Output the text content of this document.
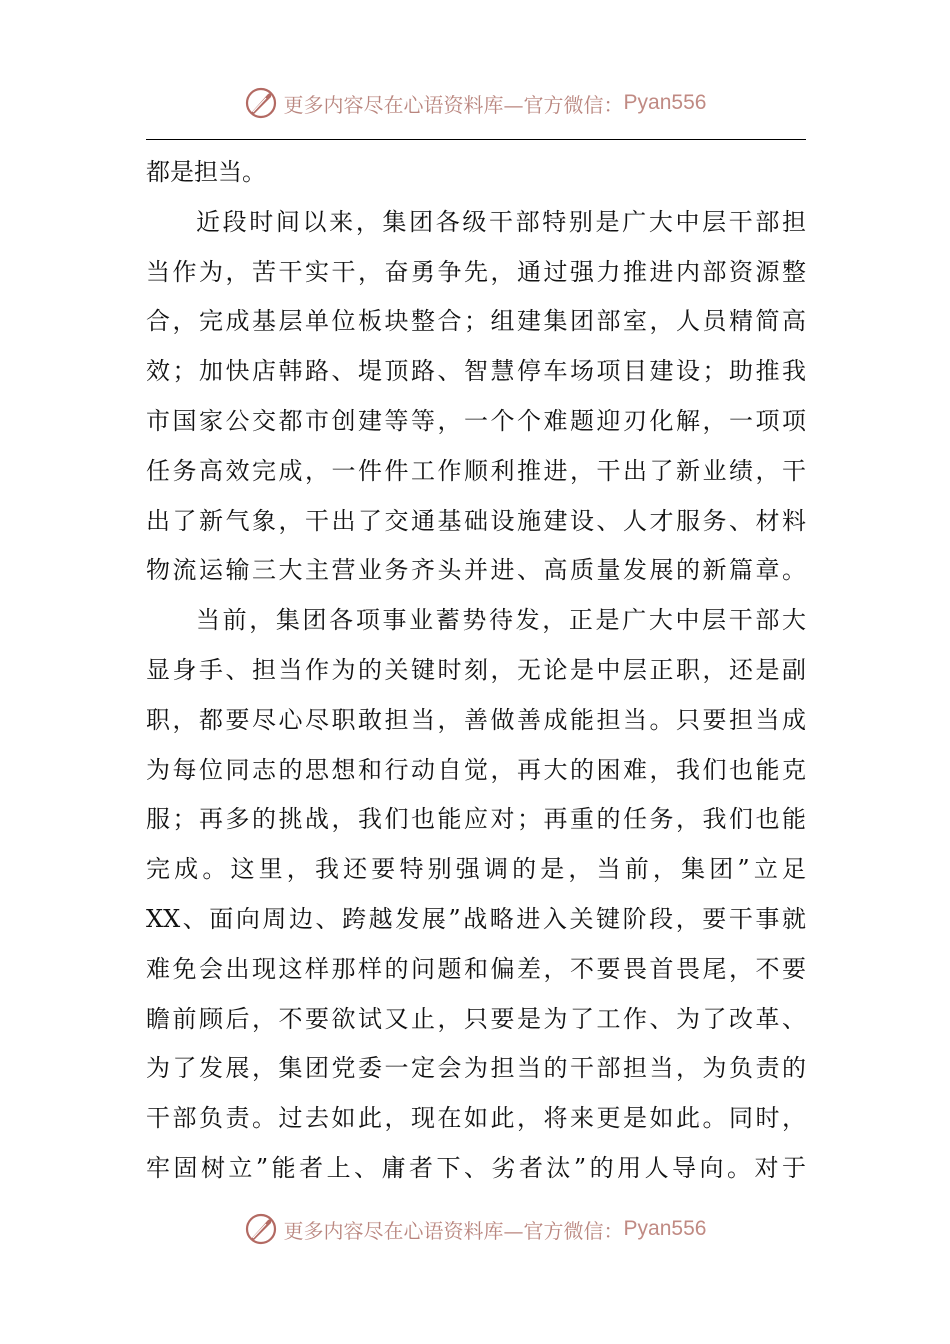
更多内容尽在心语资料库—官方微信： Pyan556
都是担当。
近段时间以来，集团各级干部特别是广大中层干部担
当作为，苦干实干，奋勇争先，通过强力推进内部资源整
合，完成基层单位板块整合；组建集团部室，人员精简高
效；加快店韩路、堤顶路、智慧停车场项目建设；助推我
市国家公交都市创建等等，一个个难题迎刃化解，一项项
任务高效完成，一件件工作顺利推进，干出了新业绩，干
出了新气象，干出了交通基础设施建设、人才服务、材料
物流运输三大主营业务齐头并进、高质量发展的新篇章。
当前，集团各项事业蓄势待发，正是广大中层干部大
显身手、担当作为的关键时刻，无论是中层正职，还是副
职，都要尽心尽职敢担当，善做善成能担当。只要担当成
为每位同志的思想和行动自觉，再大的困难，我们也能克
服；再多的挑战，我们也能应对；再重的任务，我们也能
完成。这里，我还要特别强调的是，当前，集团”立足
XX、面向周边、跨越发展”战略进入关键阶段，要干事就
难免会出现这样那样的问题和偏差，不要畏首畏尾，不要
瞻前顾后，不要欲试又止，只要是为了工作、为了改革、
为了发展，集团党委一定会为担当的干部担当，为负责的
干部负责。过去如此，现在如此，将来更是如此。同时，
牢固树立”能者上、庸者下、劣者汰”的用人导向。对于
更多内容尽在心语资料库—官方微信： Pyan556
